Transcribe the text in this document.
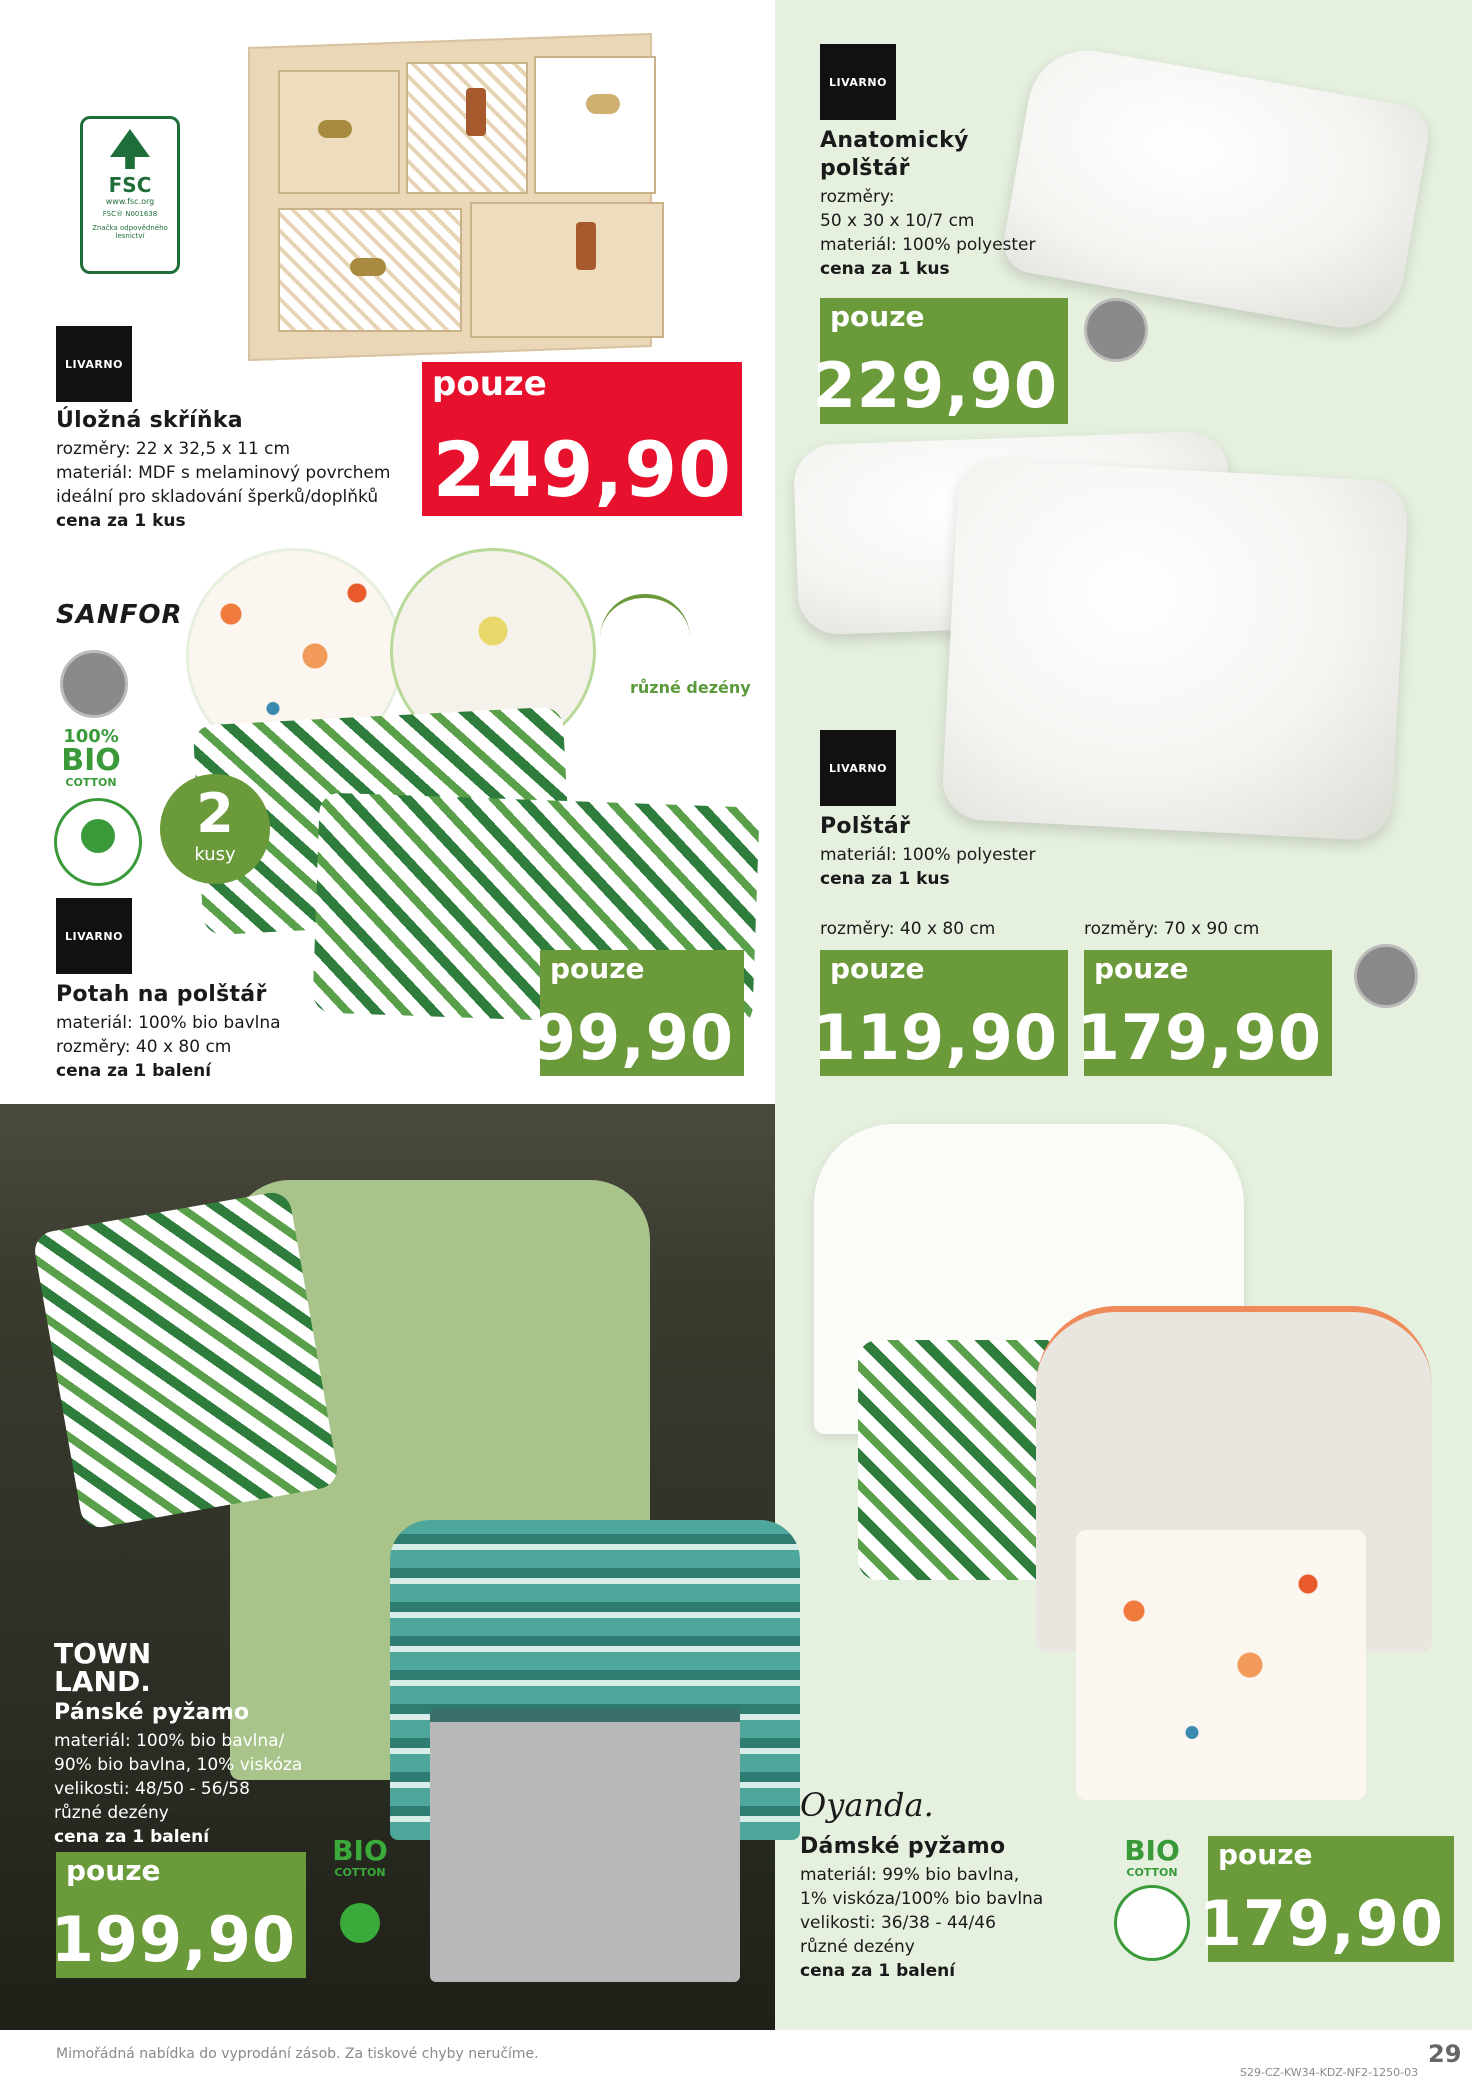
FSC
www.fsc.org
FSC® N001638
Značka odpovědného lesnictví
LIVARNO
Úložná skříňka
rozměry: 22 x 32,5 x 11 cm
materiál: MDF s melaminový povrchem
ideální pro skladování šperků/doplňků
cena za 1 kus
pouze
249,90
LIVARNO
Anatomický
polštář
rozměry:
50 x 30 x 10/7 cm
materiál: 100% polyester
cena za 1 kus
pouze
229,90
LIVARNO
Polštář
materiál: 100% polyester
cena za 1 kus
rozměry: 40 x 80 cm	rozměry: 70 x 90 cm
pouze
119,90
pouze
179,90
SANFOR
100%
BIO
COTTON
různé dezény
2
kusy
LIVARNO
Potah na polštář
materiál: 100% bio bavlna
rozměry: 40 x 80 cm
cena za 1 balení
pouze
99,90
TOWN
LAND.
Pánské pyžamo
materiál: 100% bio bavlna/
90% bio bavlna, 10% viskóza
velikosti: 48/50 - 56/58
různé dezény
cena za 1 balení
pouze
199,90
BIO
COTTON
Oyanda.
Dámské pyžamo
materiál: 99% bio bavlna,
1% viskóza/100% bio bavlna
velikosti: 36/38 - 44/46
různé dezény
cena za 1 balení
BIO
COTTON
pouze
179,90
Mimořádná nabídka do vyprodání zásob. Za tiskové chyby neručíme.	29
S29-CZ-KW34-KDZ-NF2-1250-03
